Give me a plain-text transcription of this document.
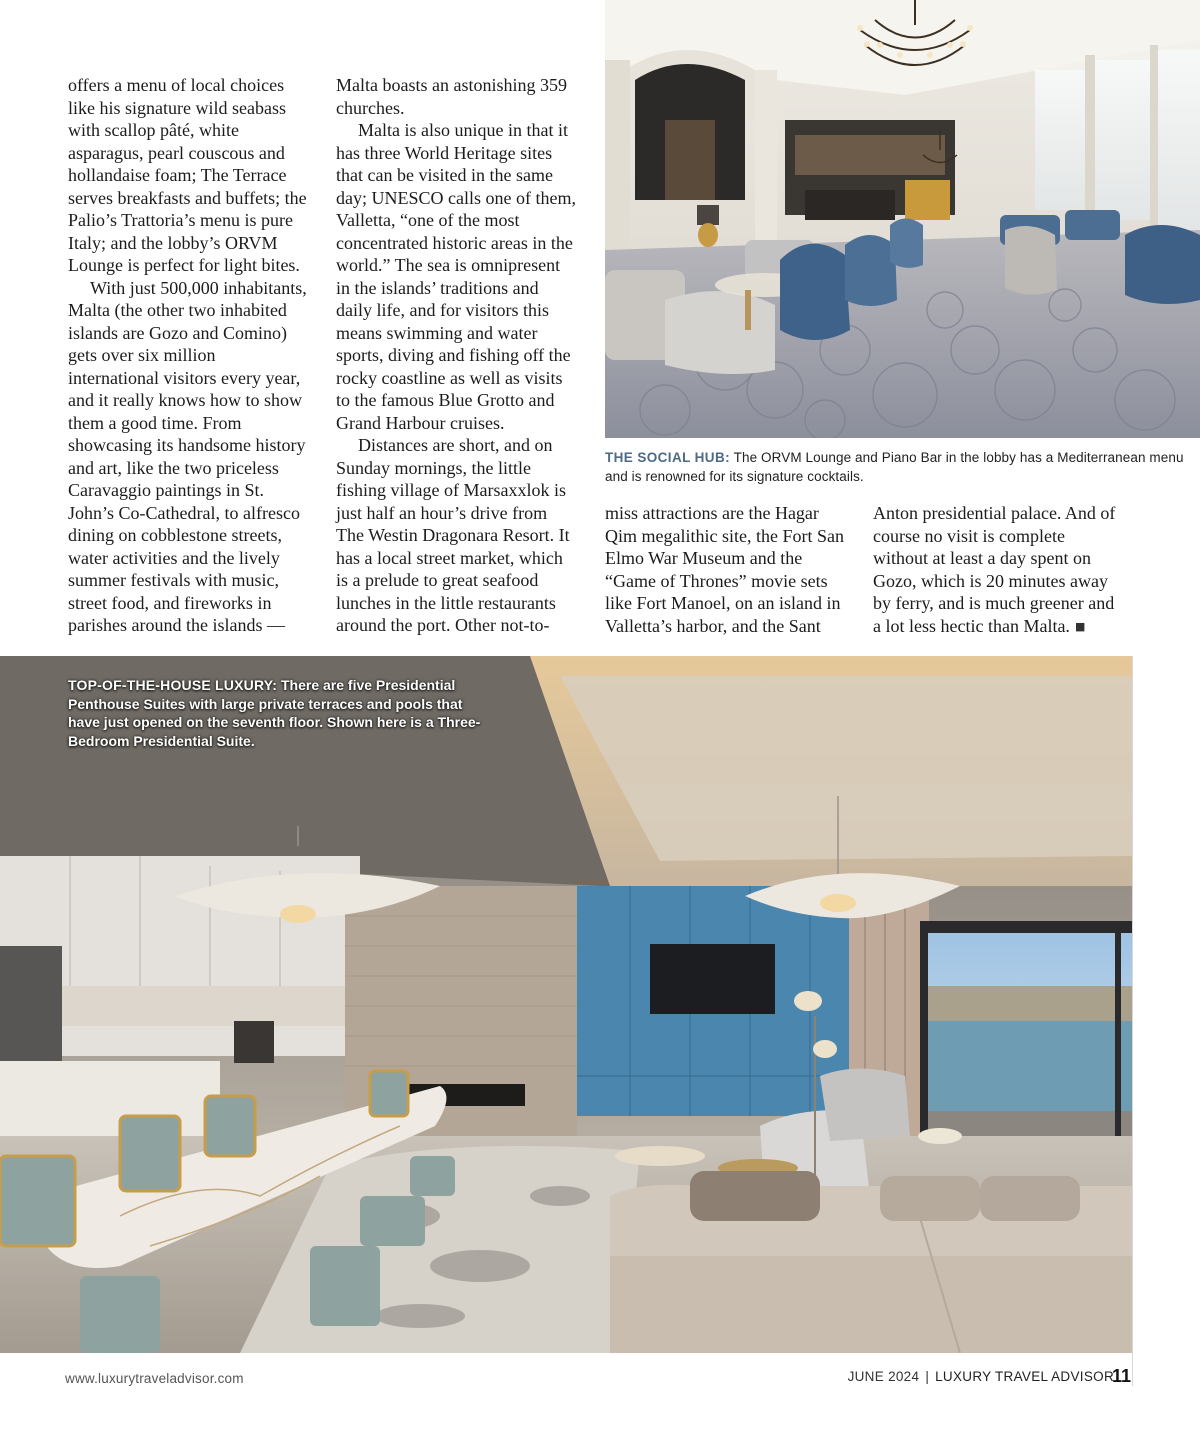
offers a menu of local choices like his signature wild seabass with scallop pâté, white asparagus, pearl couscous and hollandaise foam; The Terrace serves breakfasts and buffets; the Palio’s Trattoria’s menu is pure Italy; and the lobby’s ORVM Lounge is perfect for light bites.
With just 500,000 inhabitants, Malta (the other two inhabited islands are Gozo and Comino) gets over six million international visitors every year, and it really knows how to show them a good time. From showcasing its handsome history and art, like the two priceless Caravaggio paintings in St. John’s Co-Cathedral, to alfresco dining on cobblestone streets, water activities and the lively summer festivals with music, street food, and fireworks in parishes around the islands —
Malta boasts an astonishing 359 churches.
Malta is also unique in that it has three World Heritage sites that can be visited in the same day; UNESCO calls one of them, Valletta, “one of the most concentrated historic areas in the world.” The sea is omnipresent in the islands’ traditions and daily life, and for visitors this means swimming and water sports, diving and fishing off the rocky coastline as well as visits to the famous Blue Grotto and Grand Harbour cruises.
Distances are short, and on Sunday mornings, the little fishing village of Marsaxxlok is just half an hour’s drive from The Westin Dragonara Resort. It has a local street market, which is a prelude to great seafood lunches in the little restaurants around the port. Other not-to-
miss attractions are the Hagar Qim megalithic site, the Fort San Elmo War Museum and the “Game of Thrones” movie sets like Fort Manoel, on an island in Valletta’s harbor, and the Sant
Anton presidential palace. And of course no visit is complete without at least a day spent on Gozo, which is 20 minutes away by ferry, and is much greener and a lot less hectic than Malta. ■
THE SOCIAL HUB: The ORVM Lounge and Piano Bar in the lobby has a Mediterranean menu and is renowned for its signature cocktails.
TOP-OF-THE-HOUSE LUXURY: There are five Presidential Penthouse Suites with large private terraces and pools that have just opened on the seventh floor. Shown here is a Three-Bedroom Presidential Suite.
www.luxurytraveladvisor.com	JUNE 2024 | LUXURY TRAVEL ADVISOR
11
